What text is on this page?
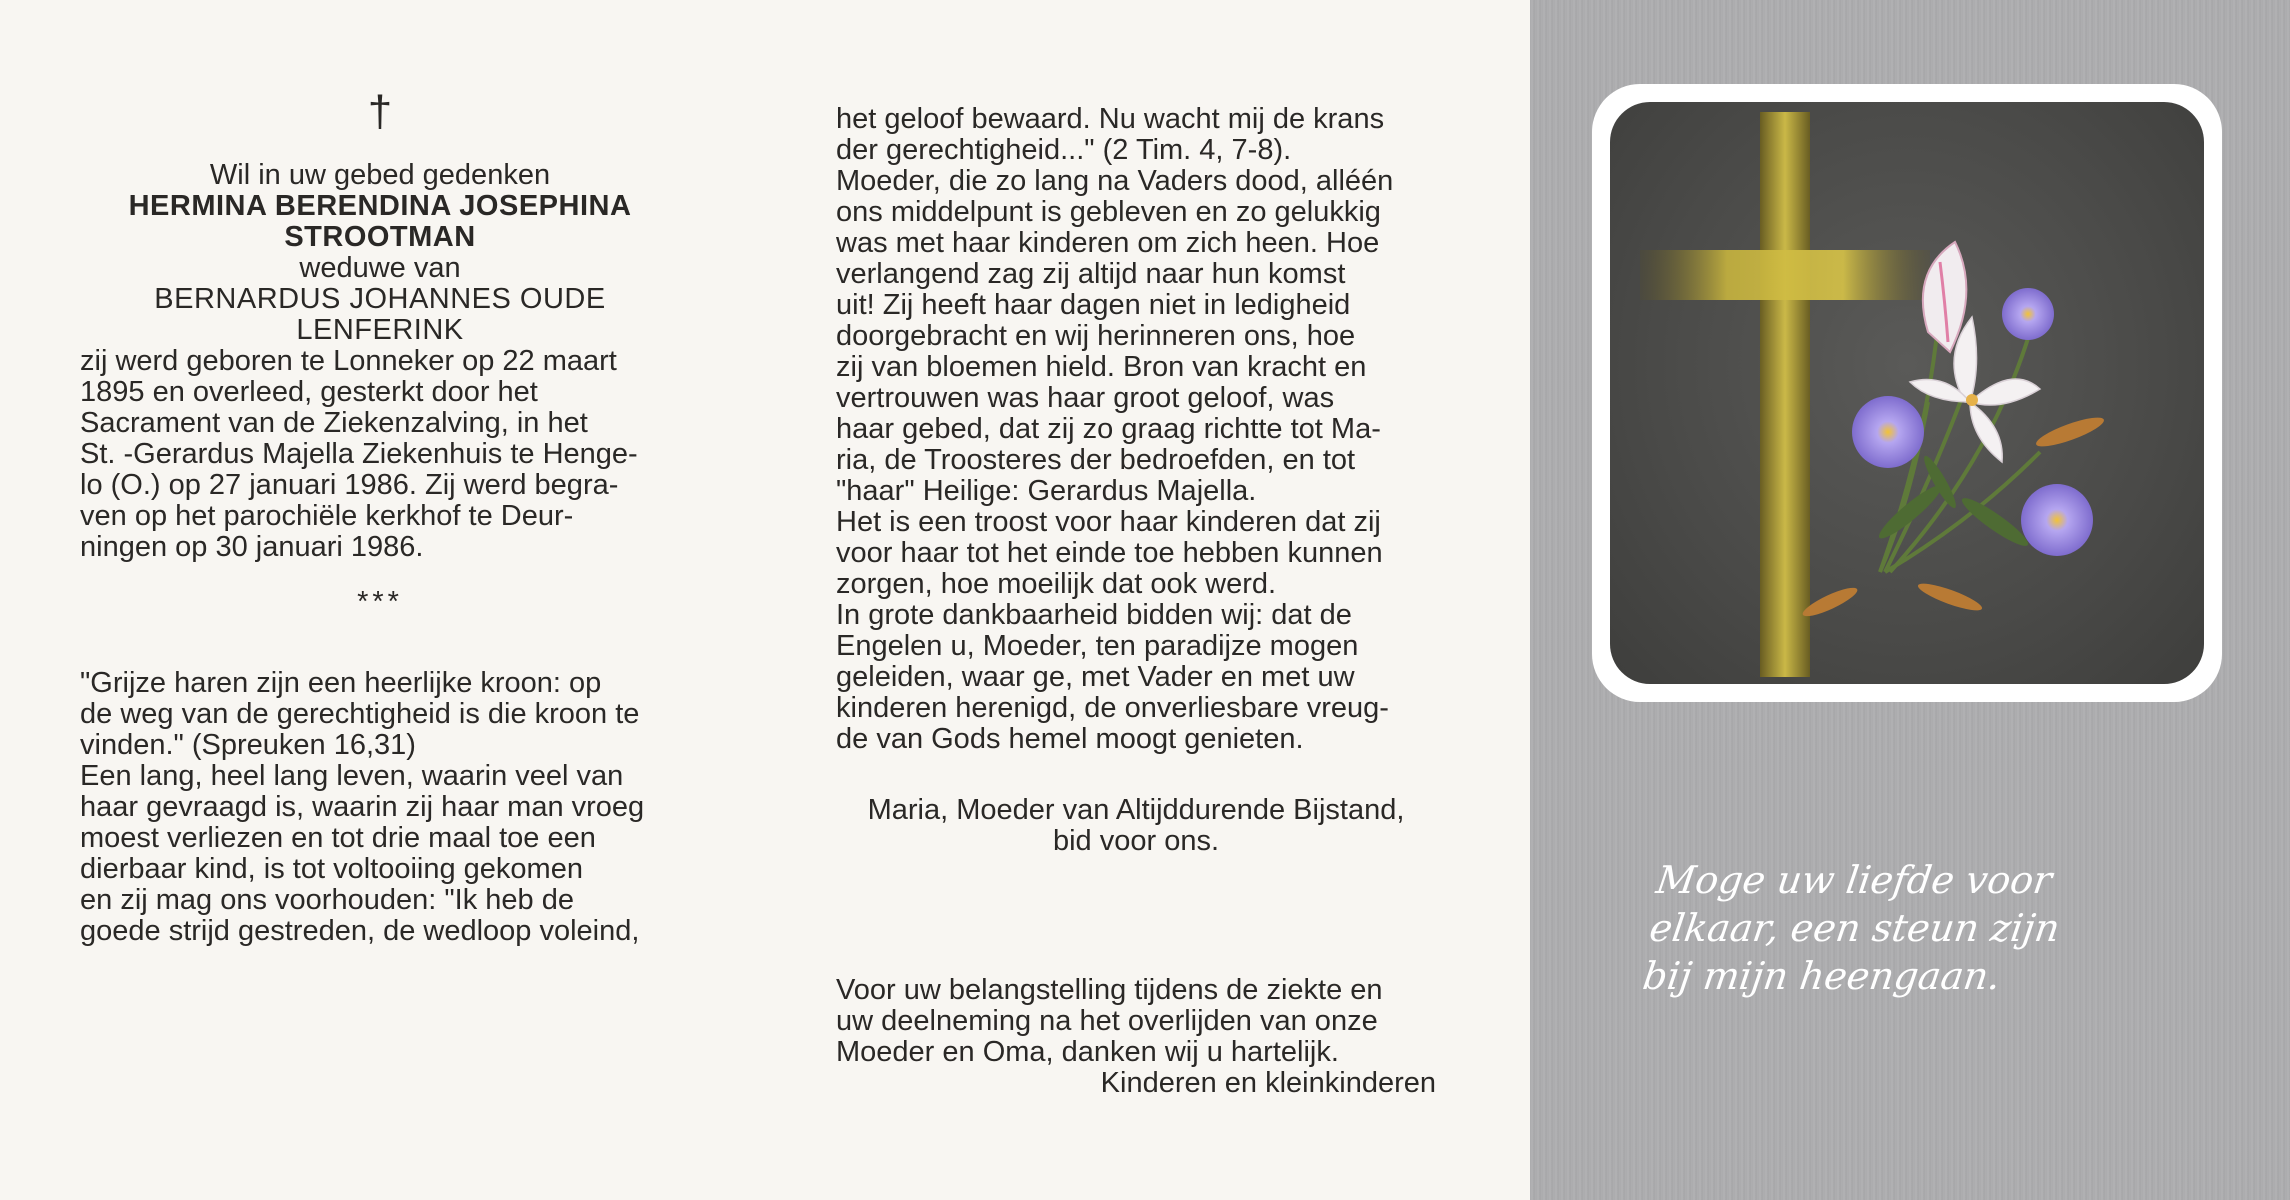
†

Wil in uw gebed gedenken

HERMINA BERENDINA JOSEPHINA
STROOTMAN

weduwe van

BERNARDUS JOHANNES OUDE
LENFERINK

zij werd geboren te Lonneker op 22 maart

1895 en overleed, gesterkt door het

Sacrament van de Ziekenzalving, in het

St. -Gerardus Majella Ziekenhuis te Henge-

lo (O.) op 27 januari 1986. Zij werd begra-

ven op het parochiële kerkhof te Deur-

ningen op 30 januari 1986.

***

"Grijze haren zijn een heerlijke kroon: op

de weg van de gerechtigheid is die kroon te

vinden." (Spreuken 16,31)

Een lang, heel lang leven, waarin veel van

haar gevraagd is, waarin zij haar man vroeg

moest verliezen en tot drie maal toe een

dierbaar kind, is tot voltooiing gekomen

en zij mag ons voorhouden: "Ik heb de

goede strijd gestreden, de wedloop voleind,

het geloof bewaard. Nu wacht mij de krans

der gerechtigheid..." (2 Tim. 4, 7-8).

Moeder, die zo lang na Vaders dood, alléén

ons middelpunt is gebleven en zo gelukkig

was met haar kinderen om zich heen. Hoe

verlangend zag zij altijd naar hun komst

uit! Zij heeft haar dagen niet in ledigheid

doorgebracht en wij herinneren ons, hoe

zij van bloemen hield. Bron van kracht en

vertrouwen was haar groot geloof, was

haar gebed, dat zij zo graag richtte tot Ma-

ria, de Troosteres der bedroefden, en tot

"haar" Heilige: Gerardus Majella.

Het is een troost voor haar kinderen dat zij

voor haar tot het einde toe hebben kunnen

zorgen, hoe moeilijk dat ook werd.

In grote dankbaarheid bidden wij: dat de

Engelen u, Moeder, ten paradijze mogen

geleiden, waar ge, met Vader en met uw

kinderen herenigd, de onverliesbare vreug-

de van Gods hemel moogt genieten.

Maria, Moeder van Altijddurende Bijstand,

bid voor ons.

Voor uw belangstelling tijdens de ziekte en

uw deelneming na het overlijden van onze

Moeder en Oma, danken wij u hartelijk.

Kinderen en kleinkinderen

Moge uw liefde voor

elkaar, een steun zijn

bij mijn heengaan.
